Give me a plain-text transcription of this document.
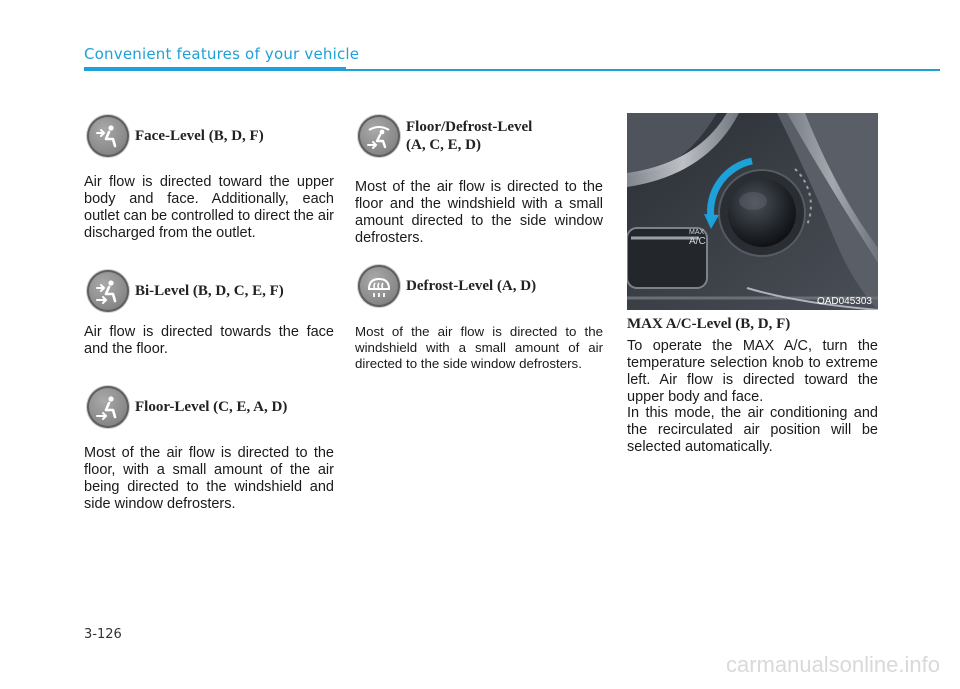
Convenient features of your vehicle
Face-Level (B, D, F)

Air flow is directed toward the upper body and face. Additionally, each outlet can be controlled to direct the air discharged from the outlet.

Bi-Level (B, D, C, E, F)

Air flow is directed towards the face and the floor.

Floor-Level (C, E, A, D)

Most of the air flow is directed to the floor, with a small amount of the air being directed to the windshield and side window defrosters.

Floor/Defrost-Level
(A, C, E, D)

Most of the air flow is directed to the floor and the windshield with a small amount directed to the side window defrosters.

Defrost-Level (A, D)

Most of the air flow is directed to the windshield with a small amount of air directed to the side window defrosters.

MAX
A/C
OAD045303
MAX A/C-Level (B, D, F)

To operate the MAX A/C, turn the temperature selection knob to extreme left. Air flow is directed toward the upper body and face.

In this mode, the air conditioning and the recirculated air position will be selected automatically.

3-126
carmanualsonline.info
